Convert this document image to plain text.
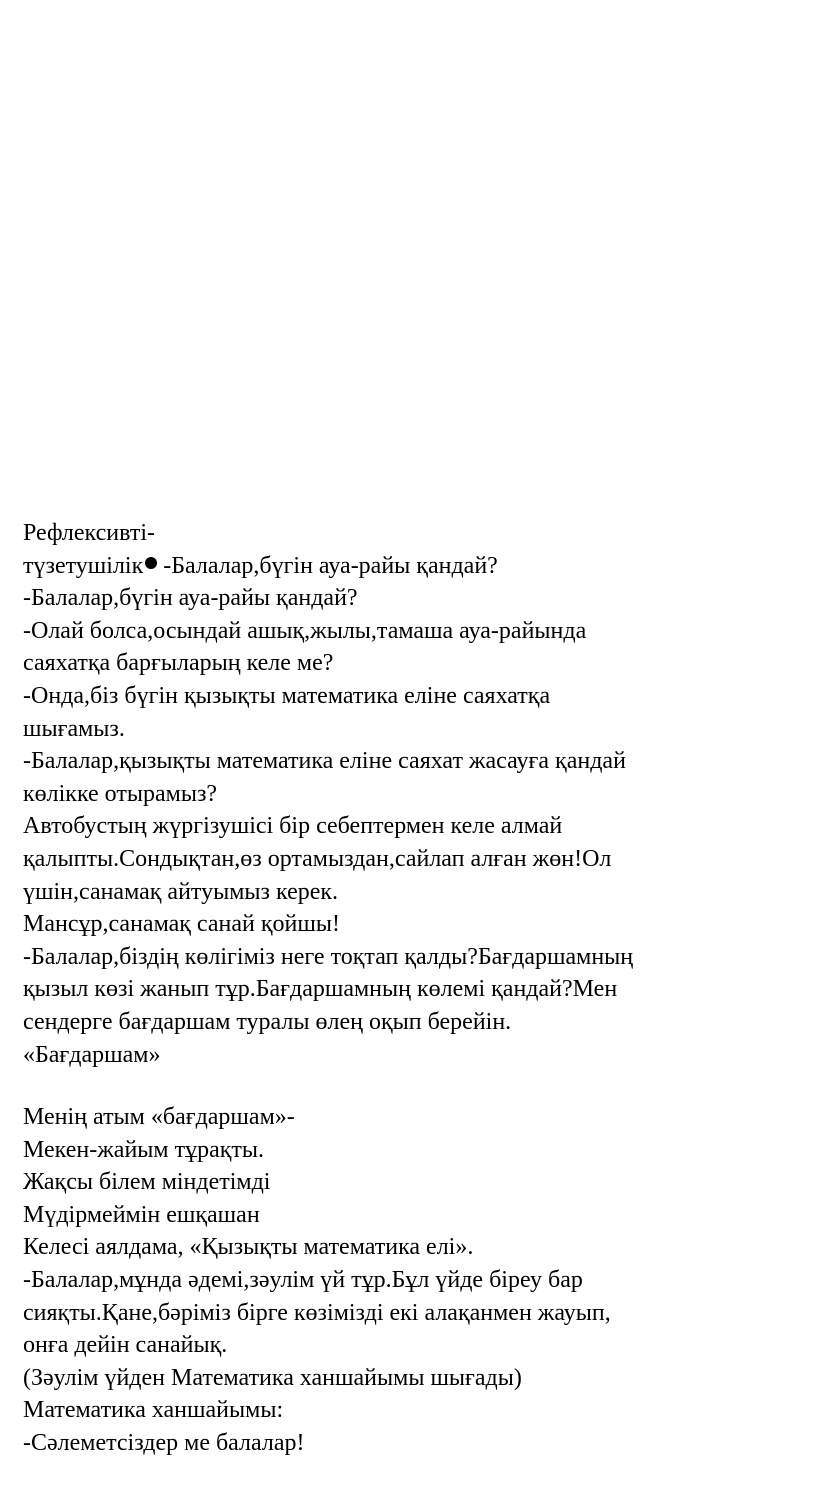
Рефлексивті-

түзетушілік -Балалар,бүгін ауа-райы қандай?

-Балалар,бүгін ауа-райы қандай?

-Олай болса,осындай ашық,жылы,тамаша ауа-райында

саяхатқа барғыларың келе ме?

-Онда,біз бүгін қызықты математика еліне саяхатқа

шығамыз.

-Балалар,қызықты математика еліне саяхат жасауға қандай

көлікке отырамыз?

Автобустың жүргізушісі бір себептермен келе алмай

қалыпты.Сондықтан,өз ортамыздан,сайлап алған жөн!Ол

үшін,санамақ айтуымыз керек.

Мансұр,санамақ санай қойшы!

-Балалар,біздің көлігіміз неге тоқтап қалды?Бағдаршамның

қызыл көзі жанып тұр.Бағдаршамның көлемі қандай?Мен

сендерге бағдаршам туралы өлең оқып берейін.

«Бағдаршам»

Менің атым «бағдаршам»-

Мекен-жайым тұрақты.

Жақсы білем міндетімді

Мүдірмеймін ешқашан

Келесі аялдама, «Қызықты математика елі».

-Балалар,мұнда әдемі,зәулім үй тұр.Бұл үйде біреу бар

сияқты.Қане,бәріміз бірге көзімізді екі алақанмен жауып,

онға дейін санайық.

(Зәулім үйден Математика ханшайымы шығады)

Математика ханшайымы:

-Сәлеметсіздер ме балалар!
